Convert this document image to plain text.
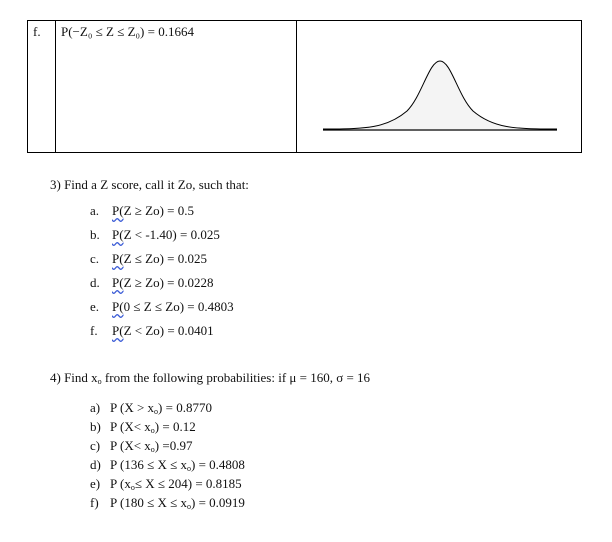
f. P(−Z₀ ≤ Z ≤ Z₀) = 0.1664
3) Find a Z score, call it Zo, such that:
a. P(Z ≥ Zo) = 0.5
b. P(Z < -1.40) = 0.025
c. P(Z ≤ Zo) = 0.025
d. P(Z ≥ Zo) = 0.0228
e. P(0 ≤ Z ≤ Zo) = 0.4803
f. P(Z < Zo) = 0.0401
4) Find $x_o$ from the following probabilities: if μ = 160, σ = 16
a) P $(X > x_o) = 0.8770$
b) P $(X< x_o) = 0.12$
c) P $(X< x_o) =0.97$
d) P $(136 \le X \le x_o) = 0.4808$
e) P $(x_o\le X \le 204) = 0.8185$
f) P $(180 \le X \le x_o) = 0.0919$
